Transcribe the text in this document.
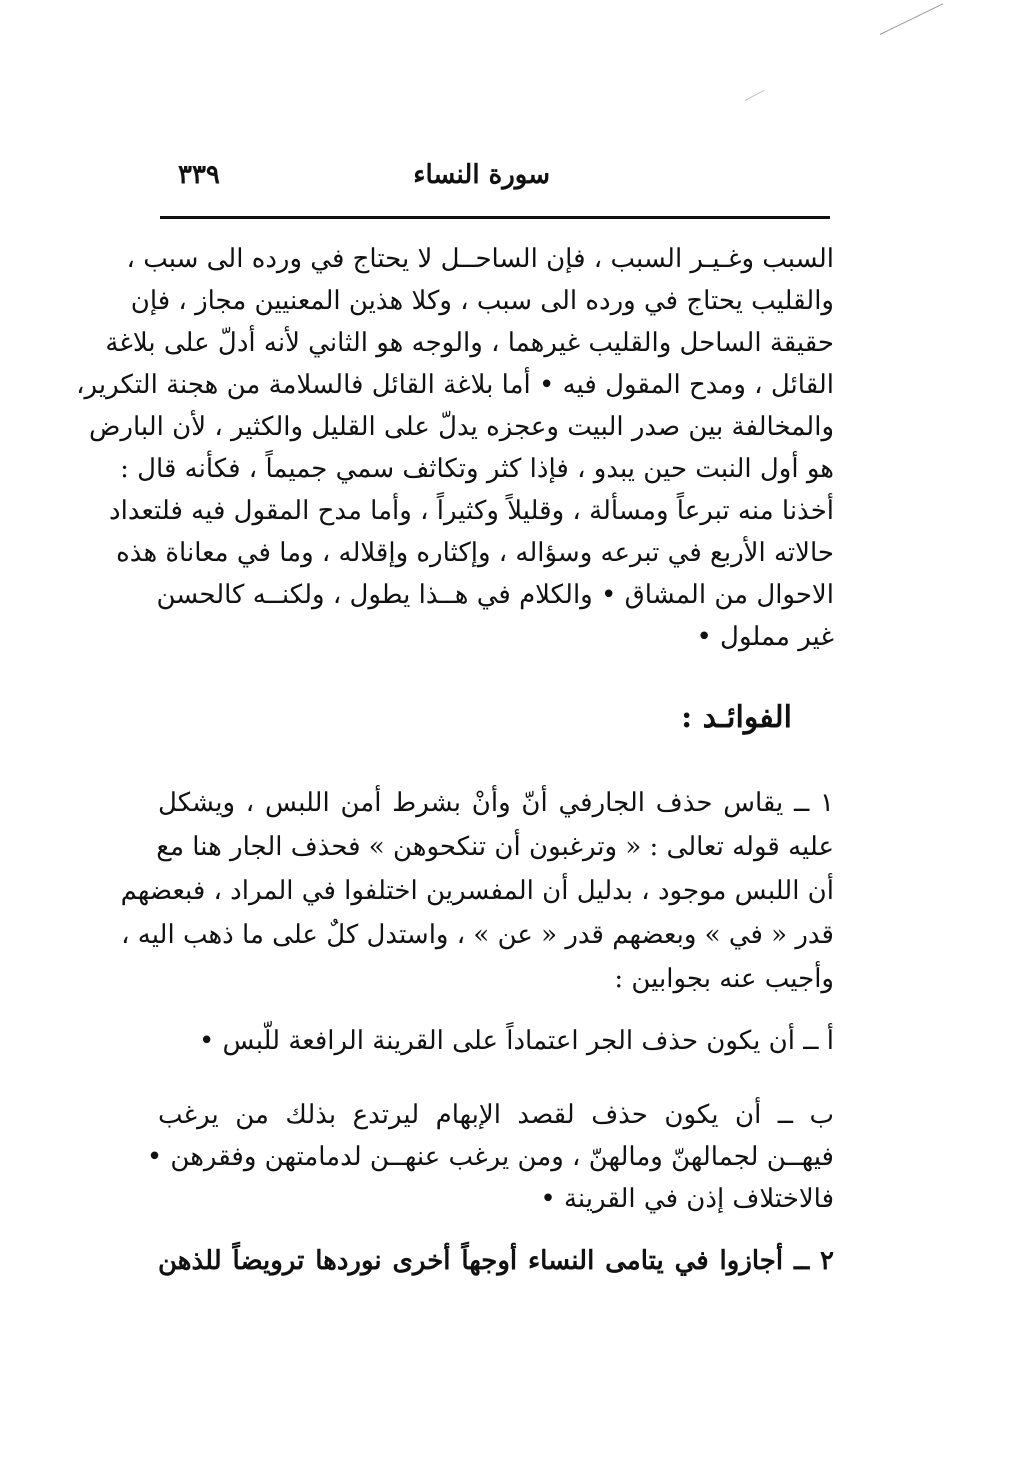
سورة النساء
٣٣٩
السبب وغـيـر السبب ، فإن الساحــل لا يحتاج في ورده الى سبب ،
والقليب يحتاج في ورده الى سبب ، وكلا هذين المعنيين مجاز ، فإن
حقيقة الساحل والقليب غيرهما ، والوجه هو الثاني لأنه أدلّ على بلاغة
القائل ، ومدح المقول فيه • أما بلاغة القائل فالسلامة من هجنة التكرير،
والمخالفة بين صدر البيت وعجزه يدلّ على القليل والكثير ، لأن البارض
هو أول النبت حين يبدو ، فإذا كثر وتكاثف سمي جميماً ، فكأنه قال :
أخذنا منه تبرعاً ومسألة ، وقليلاً وكثيراً ، وأما مدح المقول فيه فلتعداد
حالاته الأربع في تبرعه وسؤاله ، وإكثاره وإقلاله ، وما في معاناة هذه
الاحوال من المشاق • والكلام في هــذا يطول ، ولكنــه كالحسن
غير مملول •
الفوائـد :
١ ــ يقاس حذف الجارفي أنّ وأنْ بشرط أمن اللبس ، ويشكل
عليه قوله تعالى : « وترغبون أن تنكحوهن » فحذف الجار هنا مع
أن اللبس موجود ، بدليل أن المفسرين اختلفوا في المراد ، فبعضهم
قدر « في » وبعضهم قدر « عن » ، واستدل كلٌ على ما ذهب اليه ،
وأجيب عنه بجوابين :
أ ــ أن يكون حذف الجر اعتماداً على القرينة الرافعة للّبس •
ب ــ أن يكون حذف لقصد الإبهام ليرتدع بذلك من يرغب
فيهــن لجمالهنّ ومالهنّ ، ومن يرغب عنهــن لدمامتهن وفقرهن •
فالاختلاف إذن في القرينة •
٢ ــ أجازوا في يتامى النساء أوجهاً أخرى نوردها ترويضاً للذهن
